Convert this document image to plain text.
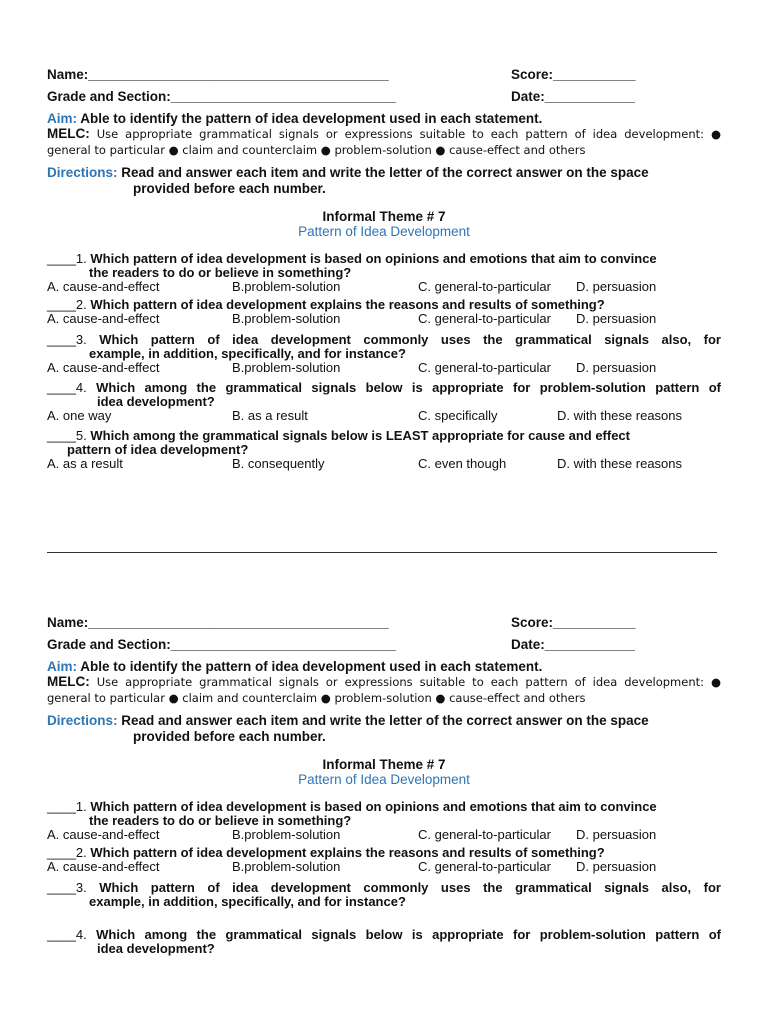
Name:________________________________________	Score:___________
Grade and Section:______________________________	Date:____________
Aim: Able to identify the pattern of idea development used in each statement.
MELC: Use appropriate grammatical signals or expressions suitable to each pattern of idea development: ● general to particular ● claim and counterclaim ● problem-solution ● cause-effect and others
Directions: Read and answer each item and write the letter of the correct answer on the space
provided before each number.
Informal Theme # 7
Pattern of Idea Development
____1. Which pattern of idea development is based on opinions and emotions that aim to convince
the readers to do or believe in something?
A. cause-and-effect	B.problem-solution	C. general-to-particular D. persuasion
____2. Which pattern of idea development explains the reasons and results of something?
A. cause-and-effect	B.problem-solution	C. general-to-particular D. persuasion
____3. Which pattern of idea development commonly uses the grammatical signals also, for
example, in addition, specifically, and for instance?
A. cause-and-effect	B.problem-solution	C. general-to-particular D. persuasion
____4. Which among the grammatical signals below is appropriate for problem-solution pattern of
idea development?
A. one way	B. as a result	C. specifically	D. with these reasons
____5. Which among the grammatical signals below is LEAST appropriate for cause and effect
pattern of idea development?
A. as a result	B. consequently	C. even though	D. with these reasons
Name:________________________________________	Score:___________
Grade and Section:______________________________	Date:____________
Aim: Able to identify the pattern of idea development used in each statement.
MELC: Use appropriate grammatical signals or expressions suitable to each pattern of idea development: ● general to particular ● claim and counterclaim ● problem-solution ● cause-effect and others
Directions: Read and answer each item and write the letter of the correct answer on the space
provided before each number.
Informal Theme # 7
Pattern of Idea Development
____1. Which pattern of idea development is based on opinions and emotions that aim to convince
the readers to do or believe in something?
A. cause-and-effect	B.problem-solution	C. general-to-particular D. persuasion
____2. Which pattern of idea development explains the reasons and results of something?
A. cause-and-effect	B.problem-solution	C. general-to-particular D. persuasion
____3. Which pattern of idea development commonly uses the grammatical signals also, for
example, in addition, specifically, and for instance?
____4. Which among the grammatical signals below is appropriate for problem-solution pattern of
idea development?
